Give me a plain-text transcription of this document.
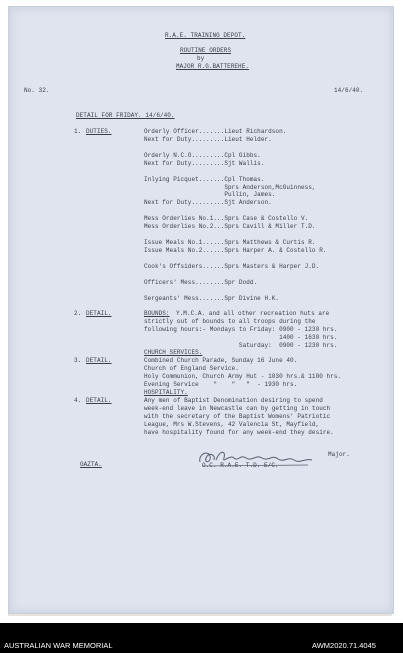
R.A.E. TRAINING DEPOT.
ROUTINE ORDERS
by
MAJOR R.G.BATTEREHE.
No. 32.	14/6/40.
DETAIL FOR FRIDAY. 14/6/40.
1. DUTIES.	Orderly Officer.......Lieut Richardson.
Next for Duty.........Lieut Helder.
Orderly N.C.O.........Cpl Gibbs.
Next for Duty.........Sjt Wallis.
Inlying Picquet.......Cpl Thomas.
Sprs Anderson,McGuinness,
Pullin, James.
Next for Duty.........Sjt Anderson.
Mess Orderlies No.1...Sprs Case & Costello V.
Mess Orderlies No.2...Sprs Cavill & Miller T.D.
Issue Meals No.1......Sprs Matthews & Curtis R.
Issue Meals No.2......Sprs Harper A. & Costello R.
Cook's Offsiders......Sprs Masters & Harper J.D.
Officers' Mess........Spr Dodd.
Sergeants' Mess.......Spr Divine H.K.
2. DETAIL.	BOUNDS: Y.M.C.A. and all other recreation huts are
strictly out of bounds to all troops during the
following hours:- Mondays to Friday: 0900 - 1230 hrs.
1400 - 1630 hrs.
Saturday:  0900 - 1230 hrs.
3. DETAIL.
CHURCH SERVICES.
Combined Church Parade, Sunday 16 June 40.
Church of England Service.
Holy Communion, Church Army Hut - 1030 hrs.& 1100 hrs.
Evening Service    "    "   "  - 1930 hrs.
4. DETAIL.
HOSPITALITY.
Any men of Baptist Denomination desiring to spend
week-end leave in Newcastle can by getting in touch
with the secretary of the Baptist Womens' Patriotic
League, Mrs W.Stevens, 42 Valencia St, Mayfield,
have hospitality found for any week-end they desire.
Major.
O.C. R.A.E. T.D. E/C.
GAZTA.
AUSTRALIAN WAR MEMORIAL	AWM2020.71.4045
